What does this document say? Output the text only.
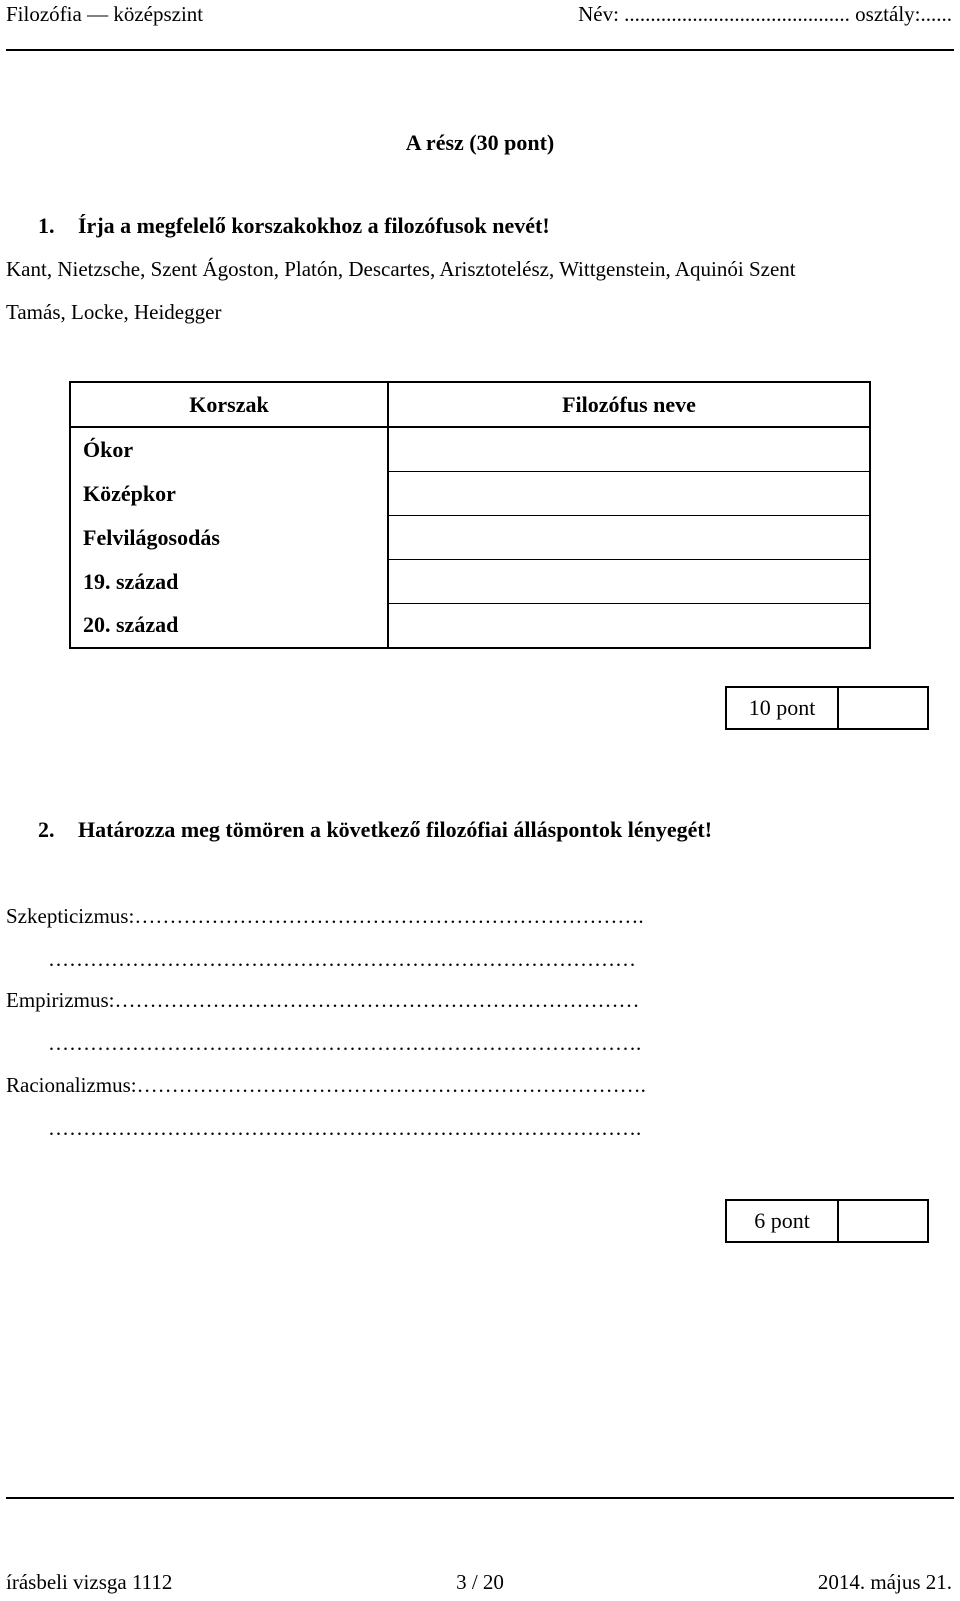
Filozófia — középszint	Név: ........................................... osztály:......
A rész (30 pont)
1. Írja a megfelelő korszakokhoz a filozófusok nevét!
Kant, Nietzsche, Szent Ágoston, Platón, Descartes, Arisztotelész, Wittgenstein, Aquinói Szent
Tamás, Locke, Heidegger
Korszak	Filozófus neve
Ókor	
Középkor	
Felvilágosodás	
19. század	
20. század	
10 pont
2. Határozza meg tömören a következő filozófiai álláspontok lényegét!
Szkepticizmus:……………………………………………………………….
…………………………………………………………………………
Empirizmus:…………………………………………………………………
………………………………………………………………………….
Racionalizmus:……………………………………………………………….
………………………………………………………………………….
6 pont
írásbeli vizsga 1112	3 / 20	2014. május 21.
